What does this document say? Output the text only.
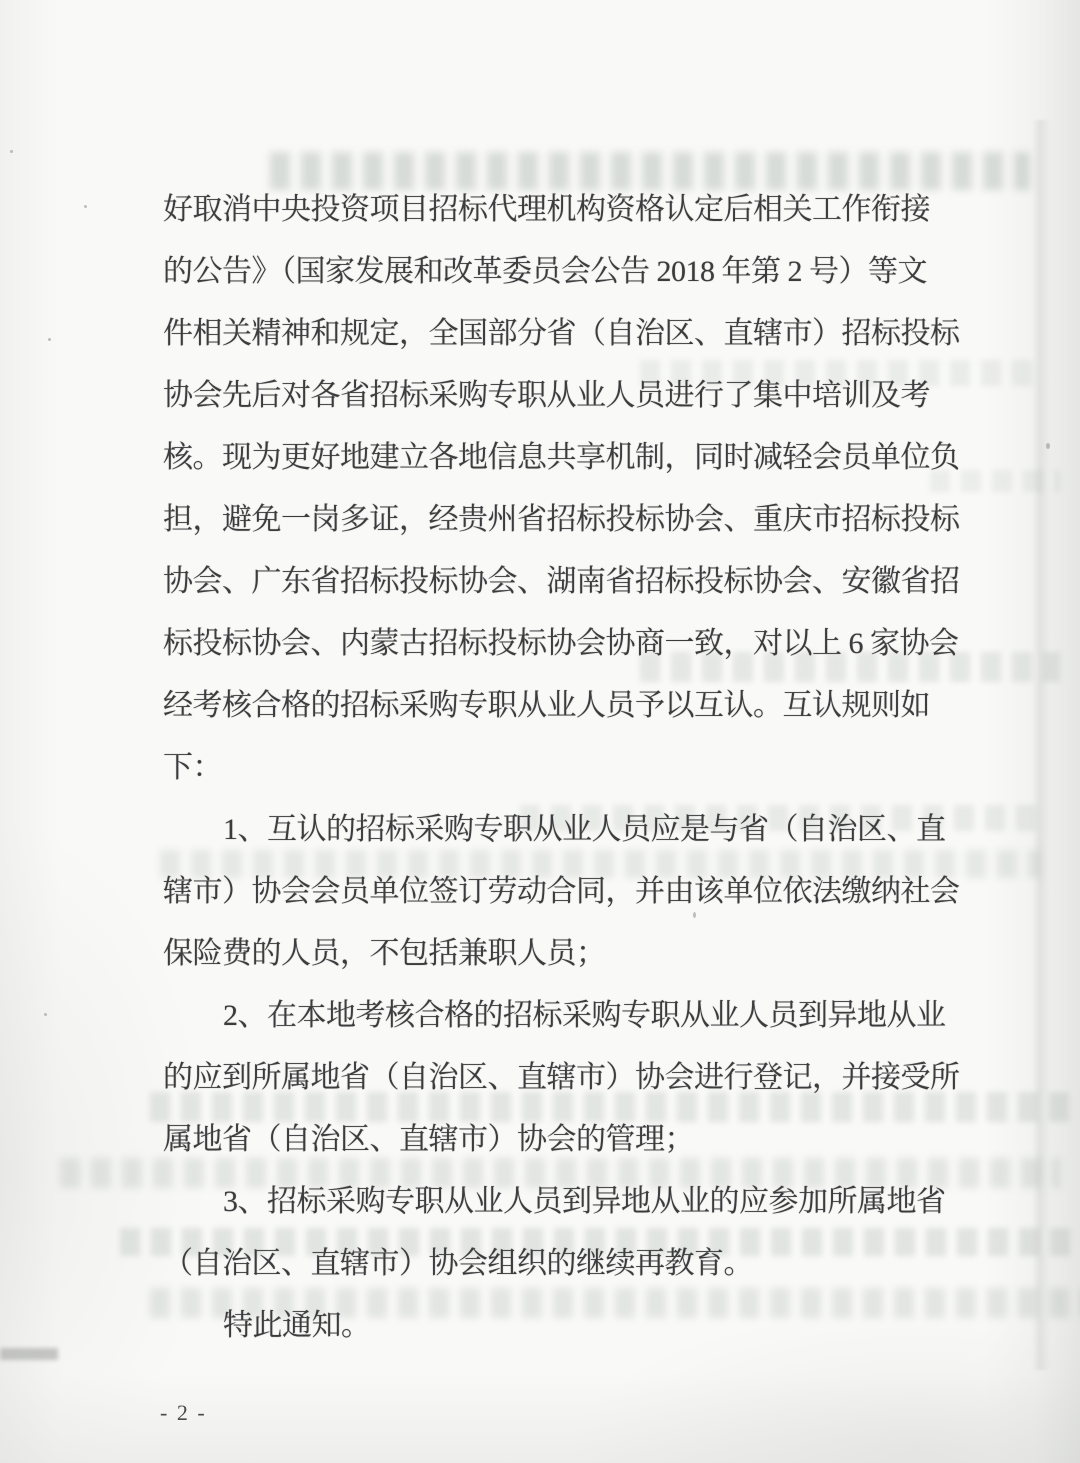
好取消中央投资项目招标代理机构资格认定后相关工作衔接
的公告》（国家发展和改革委员会公告 2018 年第 2 号）等文
件相关精神和规定，全国部分省（自治区、直辖市）招标投标
协会先后对各省招标采购专职从业人员进行了集中培训及考
核。现为更好地建立各地信息共享机制，同时减轻会员单位负
担，避免一岗多证，经贵州省招标投标协会、重庆市招标投标
协会、广东省招标投标协会、湖南省招标投标协会、安徽省招
标投标协会、内蒙古招标投标协会协商一致，对以上 6 家协会
经考核合格的招标采购专职从业人员予以互认。互认规则如
下：
1、互认的招标采购专职从业人员应是与省（自治区、直
辖市）协会会员单位签订劳动合同，并由该单位依法缴纳社会
保险费的人员，不包括兼职人员；
2、在本地考核合格的招标采购专职从业人员到异地从业
的应到所属地省（自治区、直辖市）协会进行登记，并接受所
属地省（自治区、直辖市）协会的管理；
3、招标采购专职从业人员到异地从业的应参加所属地省
（自治区、直辖市）协会组织的继续再教育。
特此通知。
- 2 -
